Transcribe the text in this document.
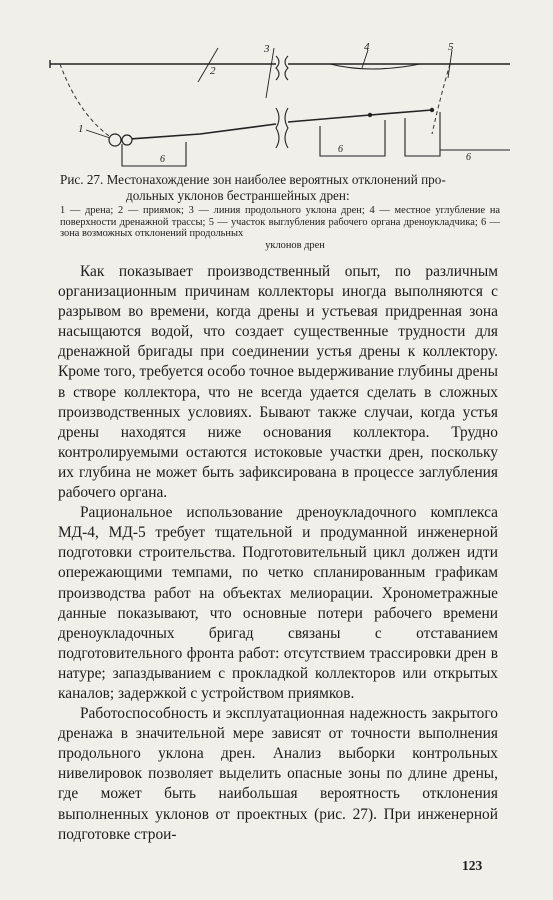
1
2
3	4	5
6
6
6
Рис. 27. Местонахождение зон наиболее вероятных отклонений про-
дольных уклонов бестраншейных дрен:
1 — дрена; 2 — приямок; 3 — линия продольного уклона дрен; 4 — местное углубление на поверхности дренажной трассы; 5 — участок выглубления рабочего органа дреноукладчика; 6 — зона возможных отклонений продольных
уклонов дрен

Как показывает производственный опыт, по различным организационным причинам коллекторы иногда выполняются с разрывом во времени, когда дрены и устьевая придренная зона насыщаются водой, что создает существенные трудности для дренажной бригады при соединении устья дрены к коллектору. Кроме того, требуется особо точное выдерживание глубины дрены в створе коллектора, что не всегда удается сделать в сложных производственных условиях. Бывают также случаи, когда устья дрены находятся ниже основания коллектора. Трудно контролируемыми остаются истоковые участки дрен, поскольку их глубина не может быть зафиксирована в процессе заглубления рабочего органа.

Рациональное использование дреноукладочного комплекса МД-4, МД-5 требует тщательной и продуманной инженерной подготовки строительства. Подготовительный цикл должен идти опережающими темпами, по четко спланированным графикам производства работ на объектах мелиорации. Хронометражные данные показывают, что основные потери рабочего времени дреноукладочных бригад связаны с отставанием подготовительного фронта работ: отсутствием трассировки дрен в натуре; запаздыванием с прокладкой коллекторов или открытых каналов; задержкой с устройством приямков.

Работоспособность и эксплуатационная надежность закрытого дренажа в значительной мере зависят от точности выполнения продольного уклона дрен. Анализ выборки контрольных нивелировок позволяет выделить опасные зоны по длине дрены, где может быть наибольшая вероятность отклонения выполненных уклонов от проектных (рис. 27). При инженерной подготовке строи-

123
